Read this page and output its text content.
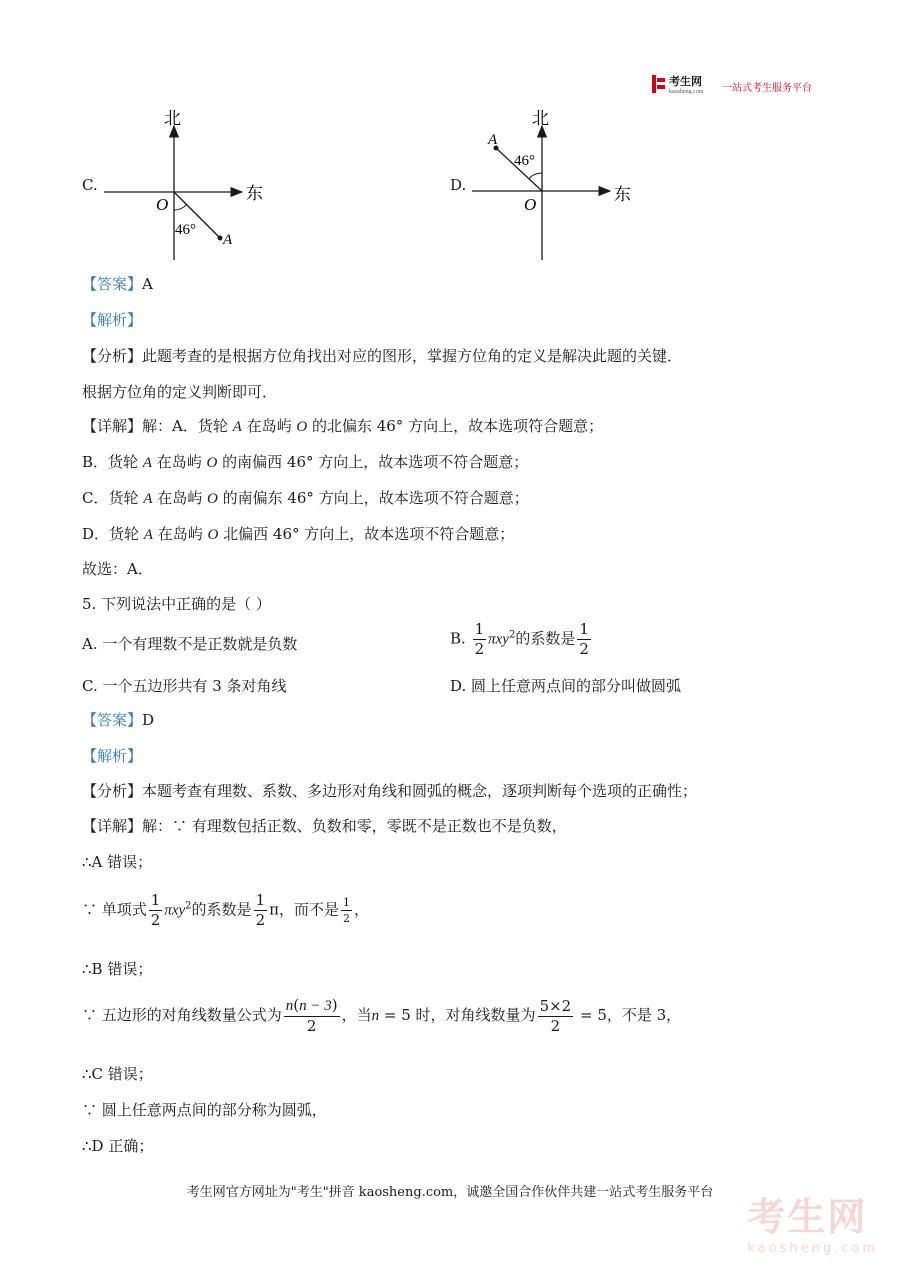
考生网
kaosheng.com 一站式考生服务平台
C.
北
东
O
46°
A
D.
北
东
O
46°
A
【答案】A
【解析】
【分析】此题考查的是根据方位角找出对应的图形，掌握方位角的定义是解决此题的关键．
根据方位角的定义判断即可．
【详解】解：A．货轮 A 在岛屿 O 的北偏东 46° 方向上，故本选项符合题意；
B．货轮 A 在岛屿 O 的南偏西 46° 方向上，故本选项不符合题意；
C．货轮 A 在岛屿 O 的南偏东 46° 方向上，故本选项不符合题意；
D．货轮 A 在岛屿 O 北偏西 46° 方向上，故本选项不符合题意；
故选：A．
5. 下列说法中正确的是（ ）
A. 一个有理数不是正数就是负数	B. $\frac{1}{2} \pi xy^2$的系数是 $\frac{1}{2}$
C. 一个五边形共有 3 条对角线	D. 圆上任意两点间的部分叫做圆弧
【答案】D
【解析】
【分析】本题考查有理数、系数、多边形对角线和圆弧的概念，逐项判断每个选项的正确性；
【详解】解：∵ 有理数包括正数、负数和零，零既不是正数也不是负数，
∴A 错误；
∵ 单项式 $\frac{1}{2} \pi xy^2$的系数是 $\frac{1}{2}$ π，而不是 $\frac{1}{2}$ ，
∴B 错误；
∵ 五边形的对角线数量公式为 $\frac{n(n - 3)}{2}$ ，当n = 5 时，对角线数量为 $\frac{5\times 2}{2} = 5$，不是 3，
∴C 错误；
∵ 圆上任意两点间的部分称为圆弧，
∴D 正确；
考生网官方网址为"考生"拼音 kaosheng.com，诚邀全国合作伙伴共建一站式考生服务平台
考生网
kaosheng.com
